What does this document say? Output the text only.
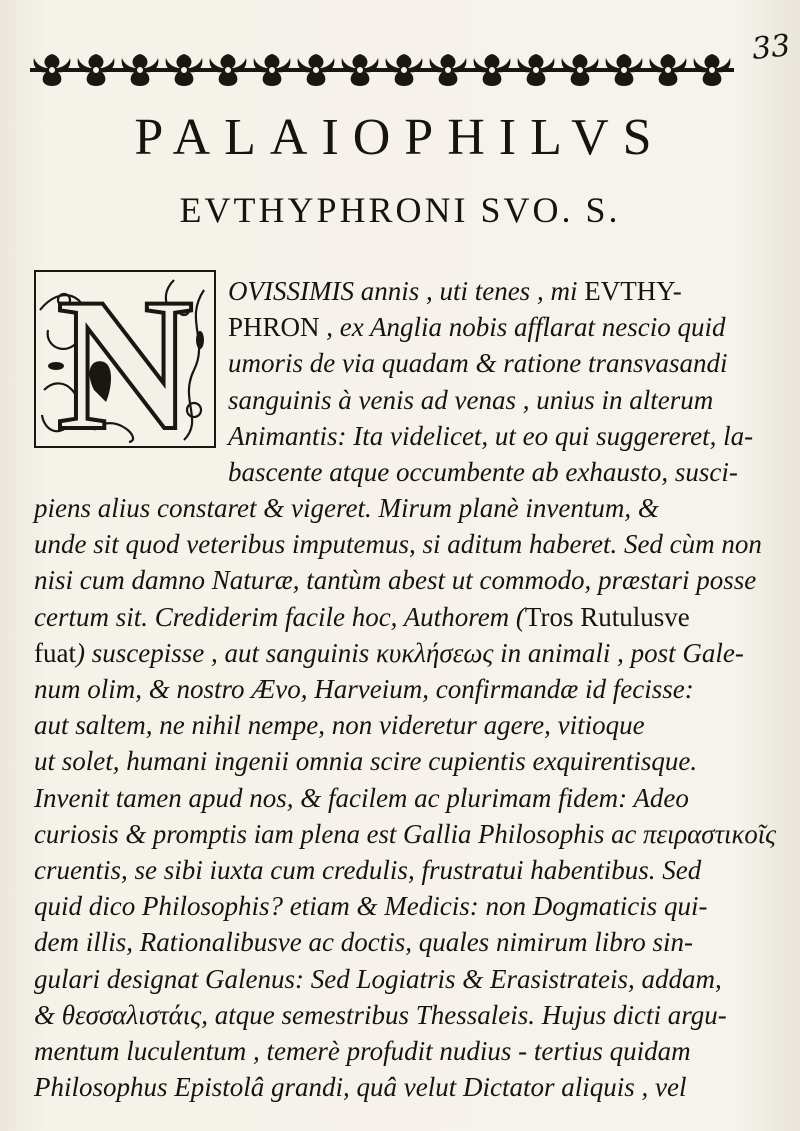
33
PALAIOPHILVS
EVTHYPHRONI SVO. S.
N OVISSIMIS annis , uti tenes , mi EVTHY-
PHRON , ex Anglia nobis afflarat nescio quid
umoris de via quadam & ratione transvasandi
sanguinis à venis ad venas , unius in alterum
Animantis: Ita videlicet, ut eo qui suggereret, la-
bascente atque occumbente ab exhausto, susci-
piens alius constaret & vigeret. Mirum planè inventum, &
unde sit quod veteribus imputemus, si aditum haberet. Sed cùm non
nisi cum damno Naturæ, tantùm abest ut commodo, præstari posse
certum sit. Crediderim facile hoc, Authorem (Tros Rutulusve
fuat) suscepisse , aut sanguinis κυκλήσεως in animali , post Gale-
num olim, & nostro Ævo, Harveium, confirmandæ id fecisse:
aut saltem, ne nihil nempe, non videretur agere, vitioque
ut solet, humani ingenii omnia scire cupientis exquirentisque.
Invenit tamen apud nos, & facilem ac plurimam fidem: Adeo
curiosis & promptis iam plena est Gallia Philosophis ac πειραστικοῖς
cruentis, se sibi iuxta cum credulis, frustratui habentibus. Sed
quid dico Philosophis? etiam & Medicis: non Dogmaticis qui-
dem illis, Rationalibusve ac doctis, quales nimirum libro sin-
gulari designat Galenus: Sed Logiatris & Erasistrateis, addam,
& θεσσαλιστάις, atque semestribus Thessaleis. Hujus dicti argu-
mentum luculentum , temerè profudit nudius - tertius quidam
Philosophus Epistolâ grandi, quâ velut Dictator aliquis , vel
